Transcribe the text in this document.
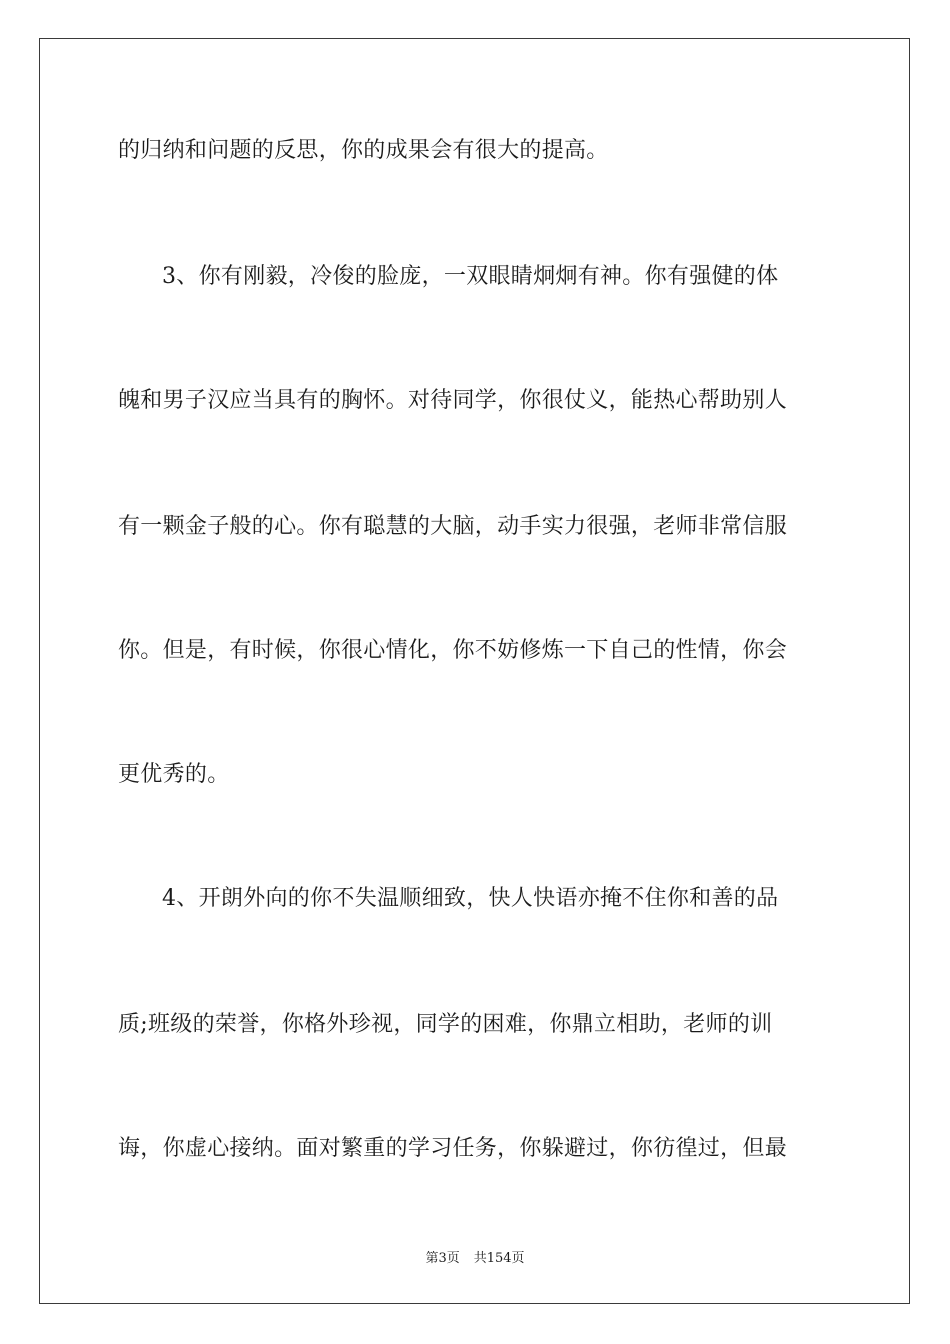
的归纳和问题的反思，你的成果会有很大的提高。
3、你有刚毅，冷俊的脸庞，一双眼睛炯炯有神。你有强健的体
魄和男子汉应当具有的胸怀。对待同学，你很仗义，能热心帮助别人
有一颗金子般的心。你有聪慧的大脑，动手实力很强，老师非常信服
你。但是，有时候，你很心情化，你不妨修炼一下自己的性情，你会
更优秀的。
4、开朗外向的你不失温顺细致，快人快语亦掩不住你和善的品
质;班级的荣誉，你格外珍视，同学的困难，你鼎立相助，老师的训
诲，你虚心接纳。面对繁重的学习任务，你躲避过，你彷徨过，但最
第3页 共154页
